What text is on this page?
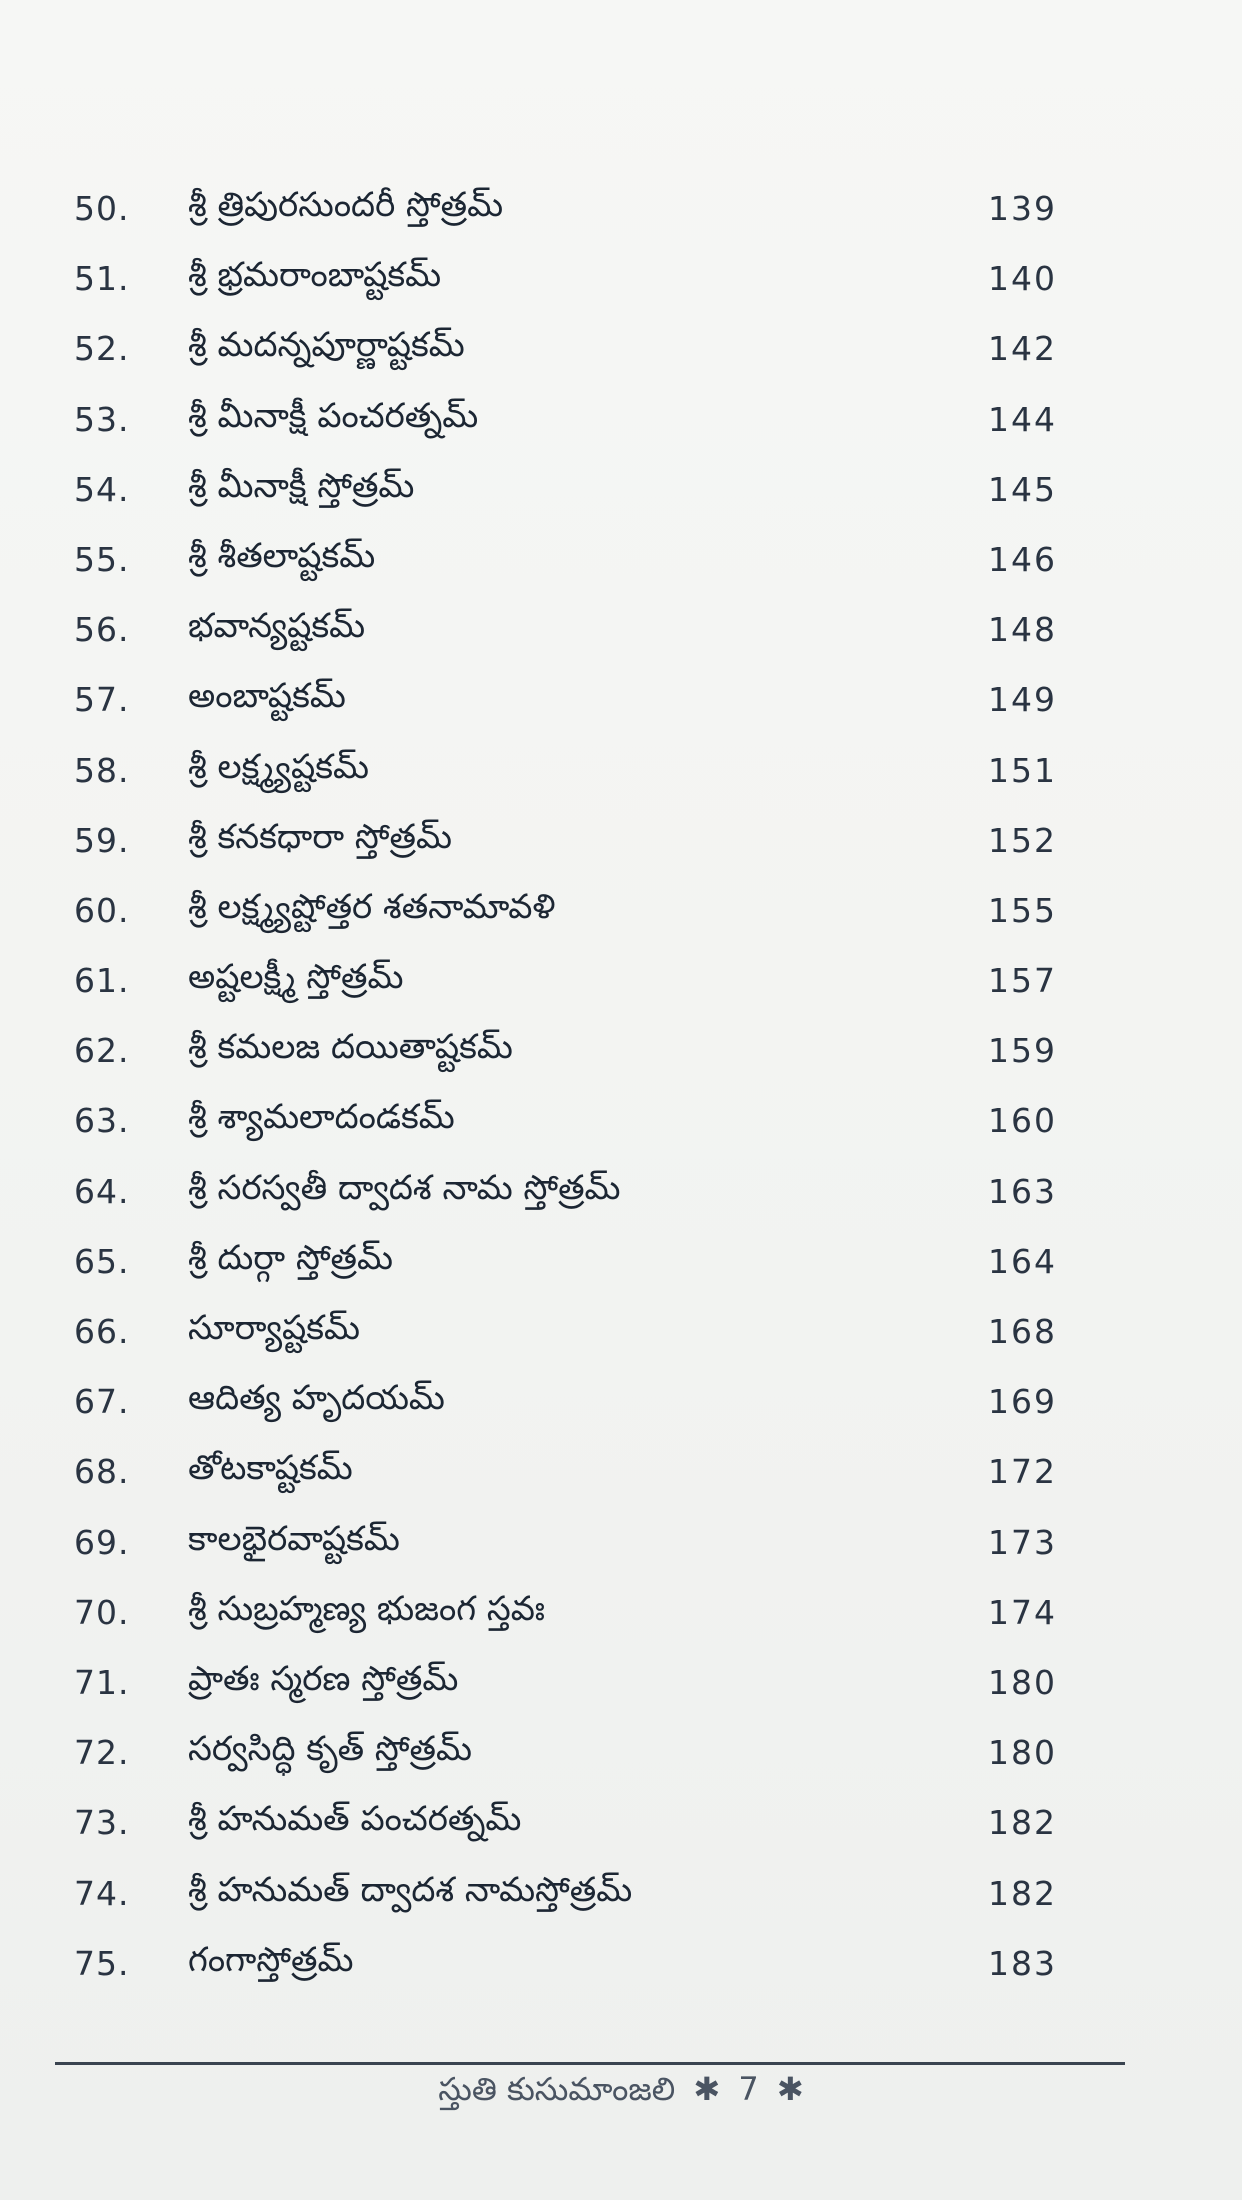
50. శ్రీ త్రిపురసుందరీ స్తోత్రమ్	139
51. శ్రీ భ్రమరాంబాష్టకమ్	140
52. శ్రీ మదన్నపూర్ణాష్టకమ్	142
53. శ్రీ మీనాక్షీ పంచరత్నమ్	144
54. శ్రీ మీనాక్షీ స్తోత్రమ్	145
55. శ్రీ శీతలాష్టకమ్	146
56. భవాన్యష్టకమ్	148
57. అంబాష్టకమ్	149
58. శ్రీ లక్ష్మ్యష్టకమ్	151
59. శ్రీ కనకధారా స్తోత్రమ్	152
60. శ్రీ లక్ష్మ్యష్టోత్తర శతనామావళి	155
61. అష్టలక్ష్మీ స్తోత్రమ్	157
62. శ్రీ కమలజ దయితాష్టకమ్	159
63. శ్రీ శ్యామలాదండకమ్	160
64. శ్రీ సరస్వతీ ద్వాదశ నామ స్తోత్రమ్	163
65. శ్రీ దుర్గా స్తోత్రమ్	164
66. సూర్యాష్టకమ్	168
67. ఆదిత్య హృదయమ్	169
68. తోటకాష్టకమ్	172
69. కాలభైరవాష్టకమ్	173
70. శ్రీ సుబ్రహ్మణ్య భుజంగ స్తవః	174
71. ప్రాతః స్మరణ స్తోత్రమ్	180
72. సర్వసిద్ధి కృత్ స్తోత్రమ్	180
73. శ్రీ హనుమత్ పంచరత్నమ్	182
74. శ్రీ హనుమత్ ద్వాదశ నామస్తోత్రమ్	182
75. గంగాస్తోత్రమ్	183
స్తుతి కుసుమాంజలి ✱ 7 ✱
